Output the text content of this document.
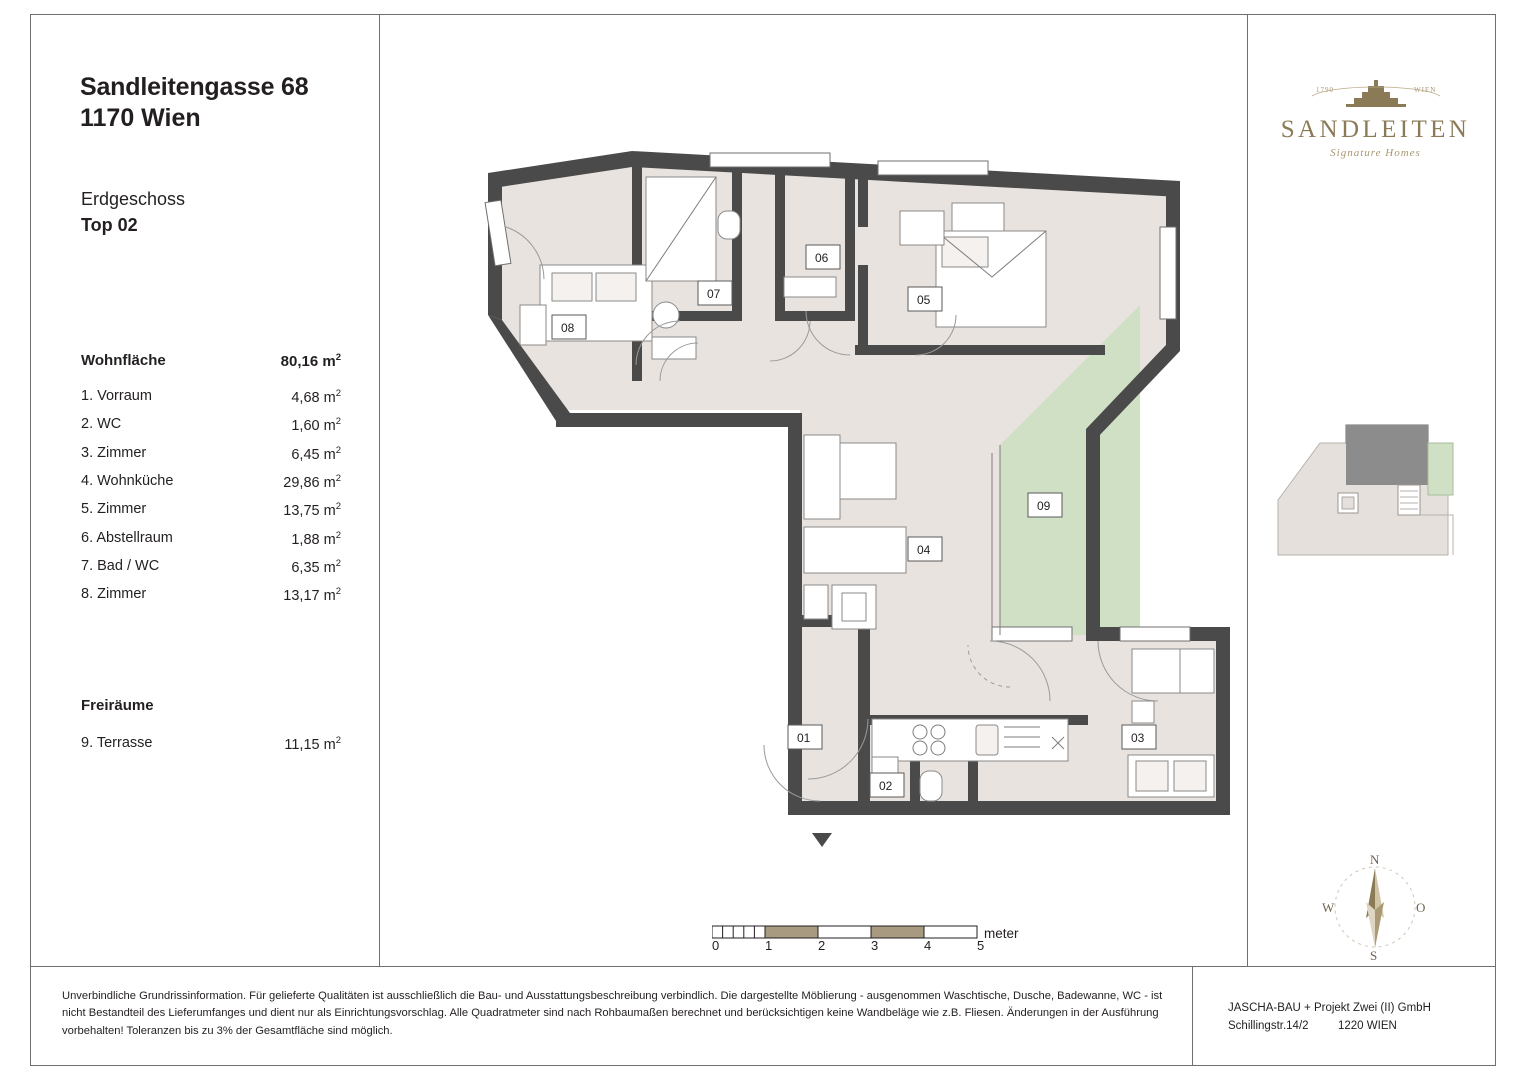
Sandleitengasse 68
1170 Wien
Erdgeschoss
Top 02
Wohnfläche	80,16 $m^2$
1. Vorraum	4,68 $m^2$
2. WC	1,60 $m^2$
3. Zimmer	6,45 $m^2$
4. Wohnküche	29,86 $m^2$
5. Zimmer	13,75 $m^2$
6. Abstellraum	1,88 $m^2$
7. Bad / WC	6,35 $m^2$
8. Zimmer	13,17 $m^2$
Freiräume
9. Terrasse	11,15 $m^2$
1790	WIEN
SANDLEITEN
Signature Homes
N
O
S
W
01
02
03
04
05
06
07
08
09
0	1	2	3	4	5
meter
Unverbindliche Grundrissinformation. Für gelieferte Qualitäten ist ausschließlich die Bau- und Ausstattungsbeschreibung verbindlich. Die dargestellte Möblierung - ausgenommen Waschtische, Dusche, Badewanne, WC - ist nicht Bestandteil des Lieferumfanges und dient nur als Einrichtungsvorschlag. Alle Quadratmeter sind nach Rohbaumaßen berechnet und berücksichtigen keine Wandbeläge wie z.B. Fliesen. Änderungen in der Ausführung vorbehalten! Toleranzen bis zu 3% der Gesamtfläche sind möglich.
JASCHA-BAU + Projekt Zwei (II) GmbH
Schillingstr.14/2	1220 WIEN
